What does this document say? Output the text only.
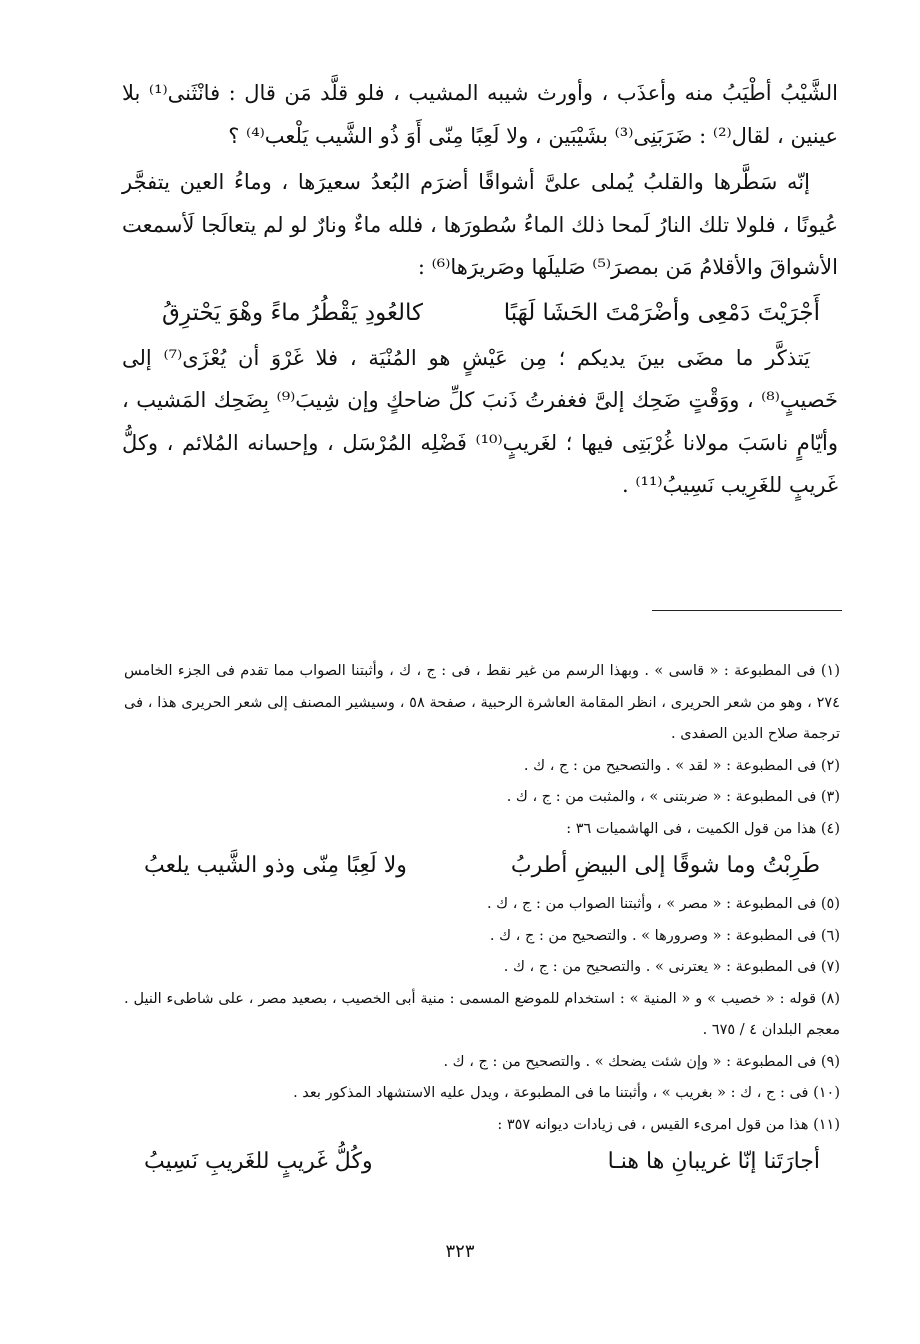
الشَّيْبُ أطْيَبُ منه وأعذَب ، وأورث شيبه المشيب ، فلو قلَّد مَن قال : فانْثَنى⁽¹⁾ بلا عينين ، لقال⁽²⁾ : ضَرَبَنِى⁽³⁾ بشَيْبَين ، ولا لَعِبًا مِنّى أَوَ ذُو الشَّيب يَلْعب⁽⁴⁾ ؟

إنّه سَطَّرها والقلبُ يُملى علىَّ أشواقًا أضرَم البُعدُ سعيرَها ، وماءُ العين يتفجَّر عُيونًا ، فلولا تلك النارُ لَمحا ذلك الماءُ سُطورَها ، فلله ماءٌ ونارٌ لو لم يتعالَجا لَأسمعت الأشواقَ والأقلامُ مَن بمصرَ⁽⁵⁾ صَليلَها وصَريرَها⁽⁶⁾ :

أَجْرَيْتَ دَمْعِى وأضْرَمْتَ الحَشَا لَهَبًا
كالعُودِ يَقْطُرُ ماءً وهْوَ يَحْترِقُ

يَتذكَّر ما مضَى بينَ يديكم ؛ مِن عَيْشٍ هو المُنْيَة ، فلا غَرْوَ أن يُعْزَى⁽⁷⁾ إلى خَصيبٍ⁽⁸⁾ ، ووَقْتٍ ضَحِك إلىَّ فغفرتُ ذَنبَ كلِّ ضاحكٍ وإن شِيبَ⁽⁹⁾ بِضَحِك المَشيب ، وأيّامٍ ناسَبَ مولانا غُرْبَتِى فيها ؛ لغَريبٍ⁽¹⁰⁾ فَضْلِه المُرْسَل ، وإحسانه المُلائم ، وكلُّ غَريبٍ للغَرِيب نَسِيبُ⁽¹¹⁾ .

(١) فى المطبوعة : « قاسى » . وبهذا الرسم من غير نقط ، فى : ج ، ك ، وأثبتنا الصواب مما تقدم فى الجزء الخامس ٢٧٤ ، وهو من شعر الحريرى ، انظر المقامة العاشرة الرحبية ، صفحة ٥٨ ، وسيشير المصنف إلى شعر الحريرى هذا ، فى ترجمة صلاح الدين الصفدى .

(٢) فى المطبوعة : « لقد » . والتصحيح من : ج ، ك .

(٣) فى المطبوعة : « ضربتنى » ، والمثبت من : ج ، ك .

(٤) هذا من قول الكميت ، فى الهاشميات ٣٦ :

طَرِبْتُ وما شوقًا إلى البيضِ أطربُ
ولا لَعِبًا مِنّى وذو الشَّيب يلعبُ

(٥) فى المطبوعة : « مصر » ، وأثبتنا الصواب من : ج ، ك .

(٦) فى المطبوعة : « وصرورها » . والتصحيح من : ج ، ك .

(٧) فى المطبوعة : « يعترنى » . والتصحيح من : ج ، ك .

(٨) قوله : « خصيب » و « المنية » : استخدام للموضع المسمى : منية أبى الخصيب ، بصعيد مصر ، على شاطىء النيل . معجم البلدان ٤ / ٦٧٥ .

(٩) فى المطبوعة : « وإن شئت يضحك » . والتصحيح من : ج ، ك .

(١٠) فى : ج ، ك : « بغريب » ، وأثبتنا ما فى المطبوعة ، ويدل عليه الاستشهاد المذكور بعد .

(١١) هذا من قول امرىء القيس ، فى زيادات ديوانه ٣٥٧ :

أجارَتَنا إنّا غريبانِ ها هنـا
وكُلُّ غَريبٍ للغَريبِ نَسِيبُ
٣٢٣
